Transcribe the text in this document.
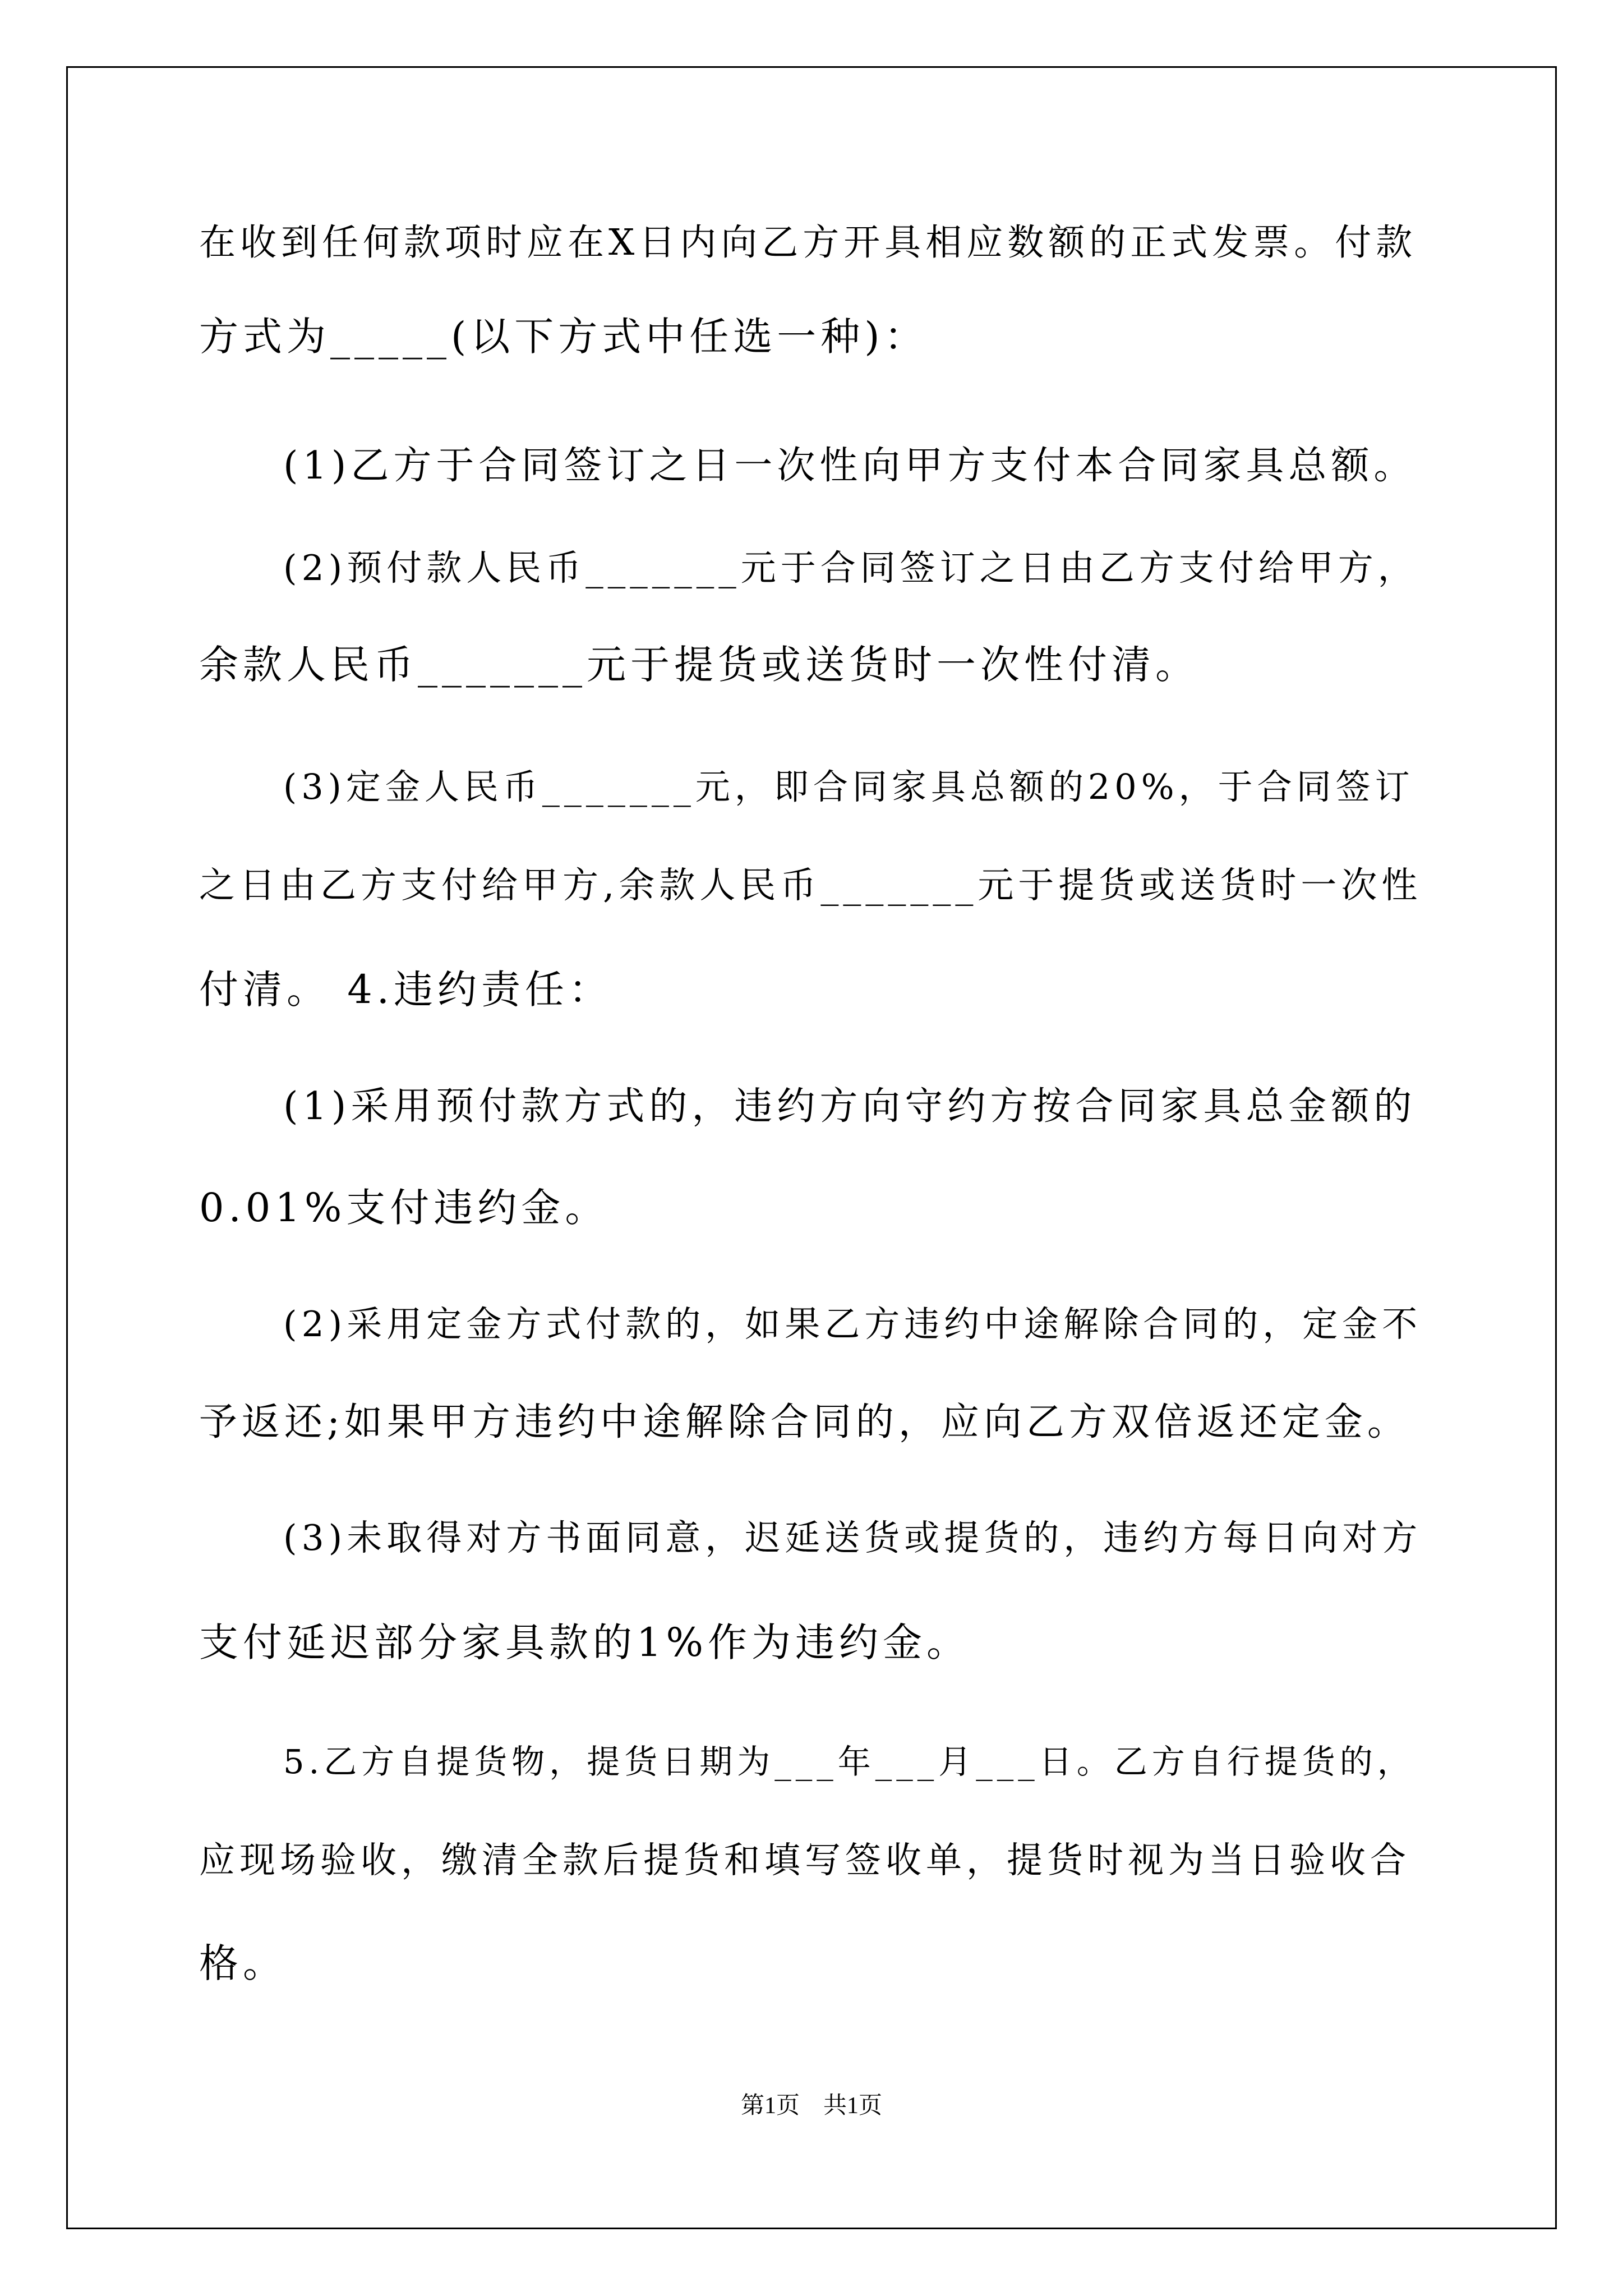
在收到任何款项时应在X日内向乙方开具相应数额的正式发票。付款
方式为_____(以下方式中任选一种)：
(1)乙方于合同签订之日一次性向甲方支付本合同家具总额。
(2)预付款人民币_______元于合同签订之日由乙方支付给甲方，
余款人民币_______元于提货或送货时一次性付清。
(3)定金人民币_______元，即合同家具总额的20%，于合同签订
之日由乙方支付给甲方,余款人民币_______元于提货或送货时一次性
付清。 4.违约责任：
(1)采用预付款方式的，违约方向守约方按合同家具总金额的
0.01%支付违约金。
(2)采用定金方式付款的，如果乙方违约中途解除合同的，定金不
予返还;如果甲方违约中途解除合同的，应向乙方双倍返还定金。
(3)未取得对方书面同意，迟延送货或提货的，违约方每日向对方
支付延迟部分家具款的1%作为违约金。
5.乙方自提货物，提货日期为___年___月___日。乙方自行提货的，
应现场验收，缴清全款后提货和填写签收单，提货时视为当日验收合
格。
第1页　共1页
